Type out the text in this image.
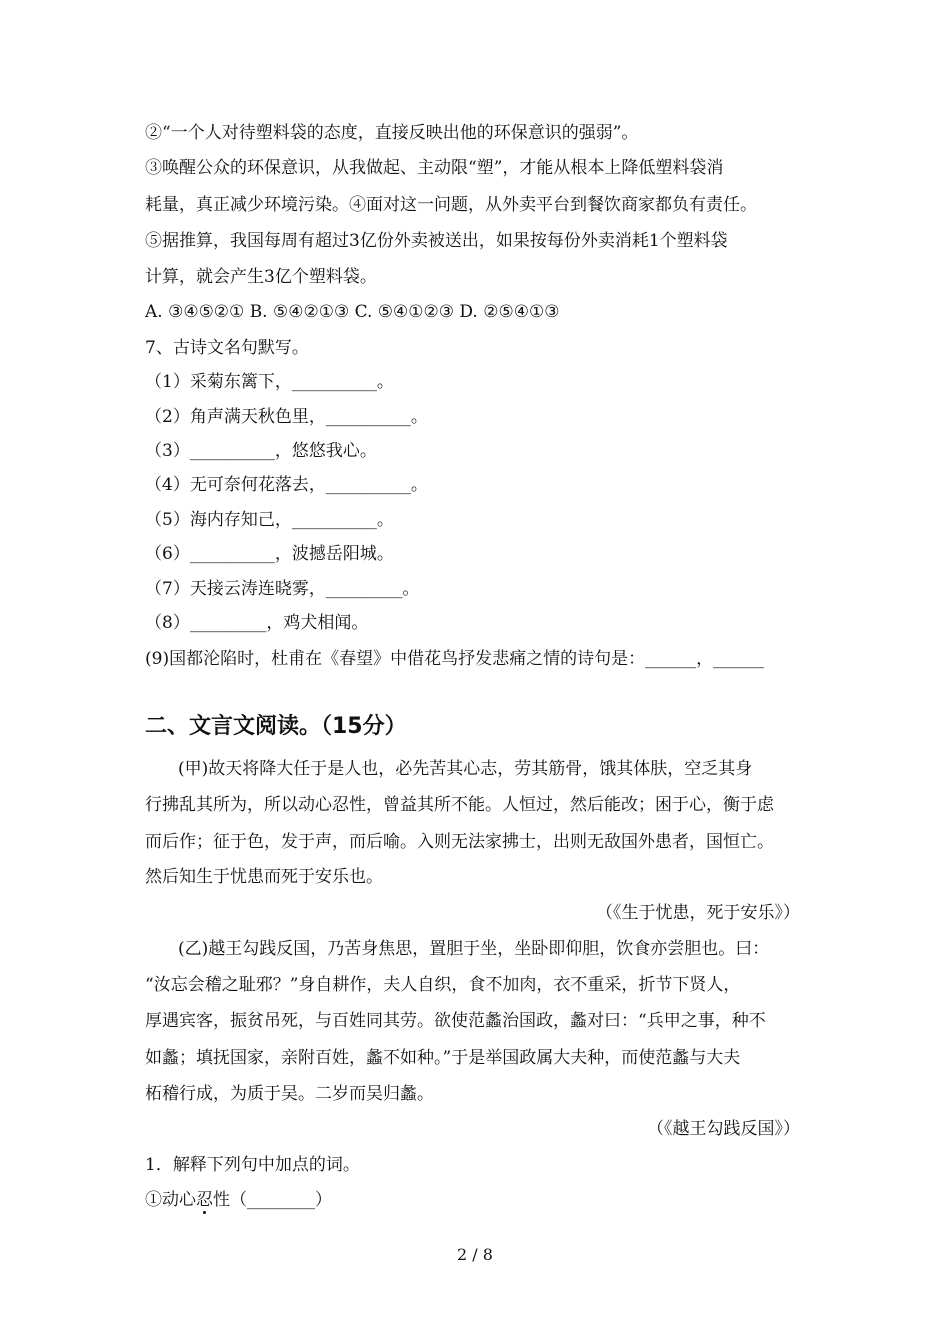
②“一个人对待塑料袋的态度，直接反映出他的环保意识的强弱”。
③唤醒公众的环保意识，从我做起、主动限“塑”，才能从根本上降低塑料袋消
耗量，真正减少环境污染。④面对这一问题，从外卖平台到餐饮商家都负有责任。
⑤据推算，我国每周有超过3亿份外卖被送出，如果按每份外卖消耗1个塑料袋
计算，就会产生3亿个塑料袋。
A. ③④⑤②① B. ⑤④②①③ C. ⑤④①②③ D. ②⑤④①③
7、古诗文名句默写。
（1）采菊东篱下，__________。
（2）角声满天秋色里，__________。
（3）__________，悠悠我心。
（4）无可奈何花落去，__________。
（5）海内存知己，__________。
（6）__________，波撼岳阳城。
（7）天接云涛连晓雾，_________。
（8）_________，鸡犬相闻。
(9)国都沦陷时，杜甫在《春望》中借花鸟抒发悲痛之情的诗句是：______，______
二、文言文阅读。（15分）
(甲)故天将降大任于是人也，必先苦其心志，劳其筋骨，饿其体肤，空乏其身
行拂乱其所为，所以动心忍性，曾益其所不能。人恒过，然后能改；困于心，衡于虑
而后作；征于色，发于声，而后喻。入则无法家拂士，出则无敌国外患者，国恒亡。
然后知生于忧患而死于安乐也。
（《生于忧患，死于安乐》）
(乙)越王勾践反国，乃苦身焦思，置胆于坐，坐卧即仰胆，饮食亦尝胆也。曰：
“汝忘会稽之耻邪？”身自耕作，夫人自织，食不加肉，衣不重采，折节下贤人，
厚遇宾客，振贫吊死，与百姓同其劳。欲使范蠡治国政，蠡对曰：“兵甲之事，种不
如蠡；填抚国家，亲附百姓，蠡不如种。”于是举国政属大夫种，而使范蠡与大夫
柘稽行成，为质于吴。二岁而吴归蠡。
（《越王勾践反国》）
1．解释下列句中加点的词。
①动心忍性（________）
2 / 8
